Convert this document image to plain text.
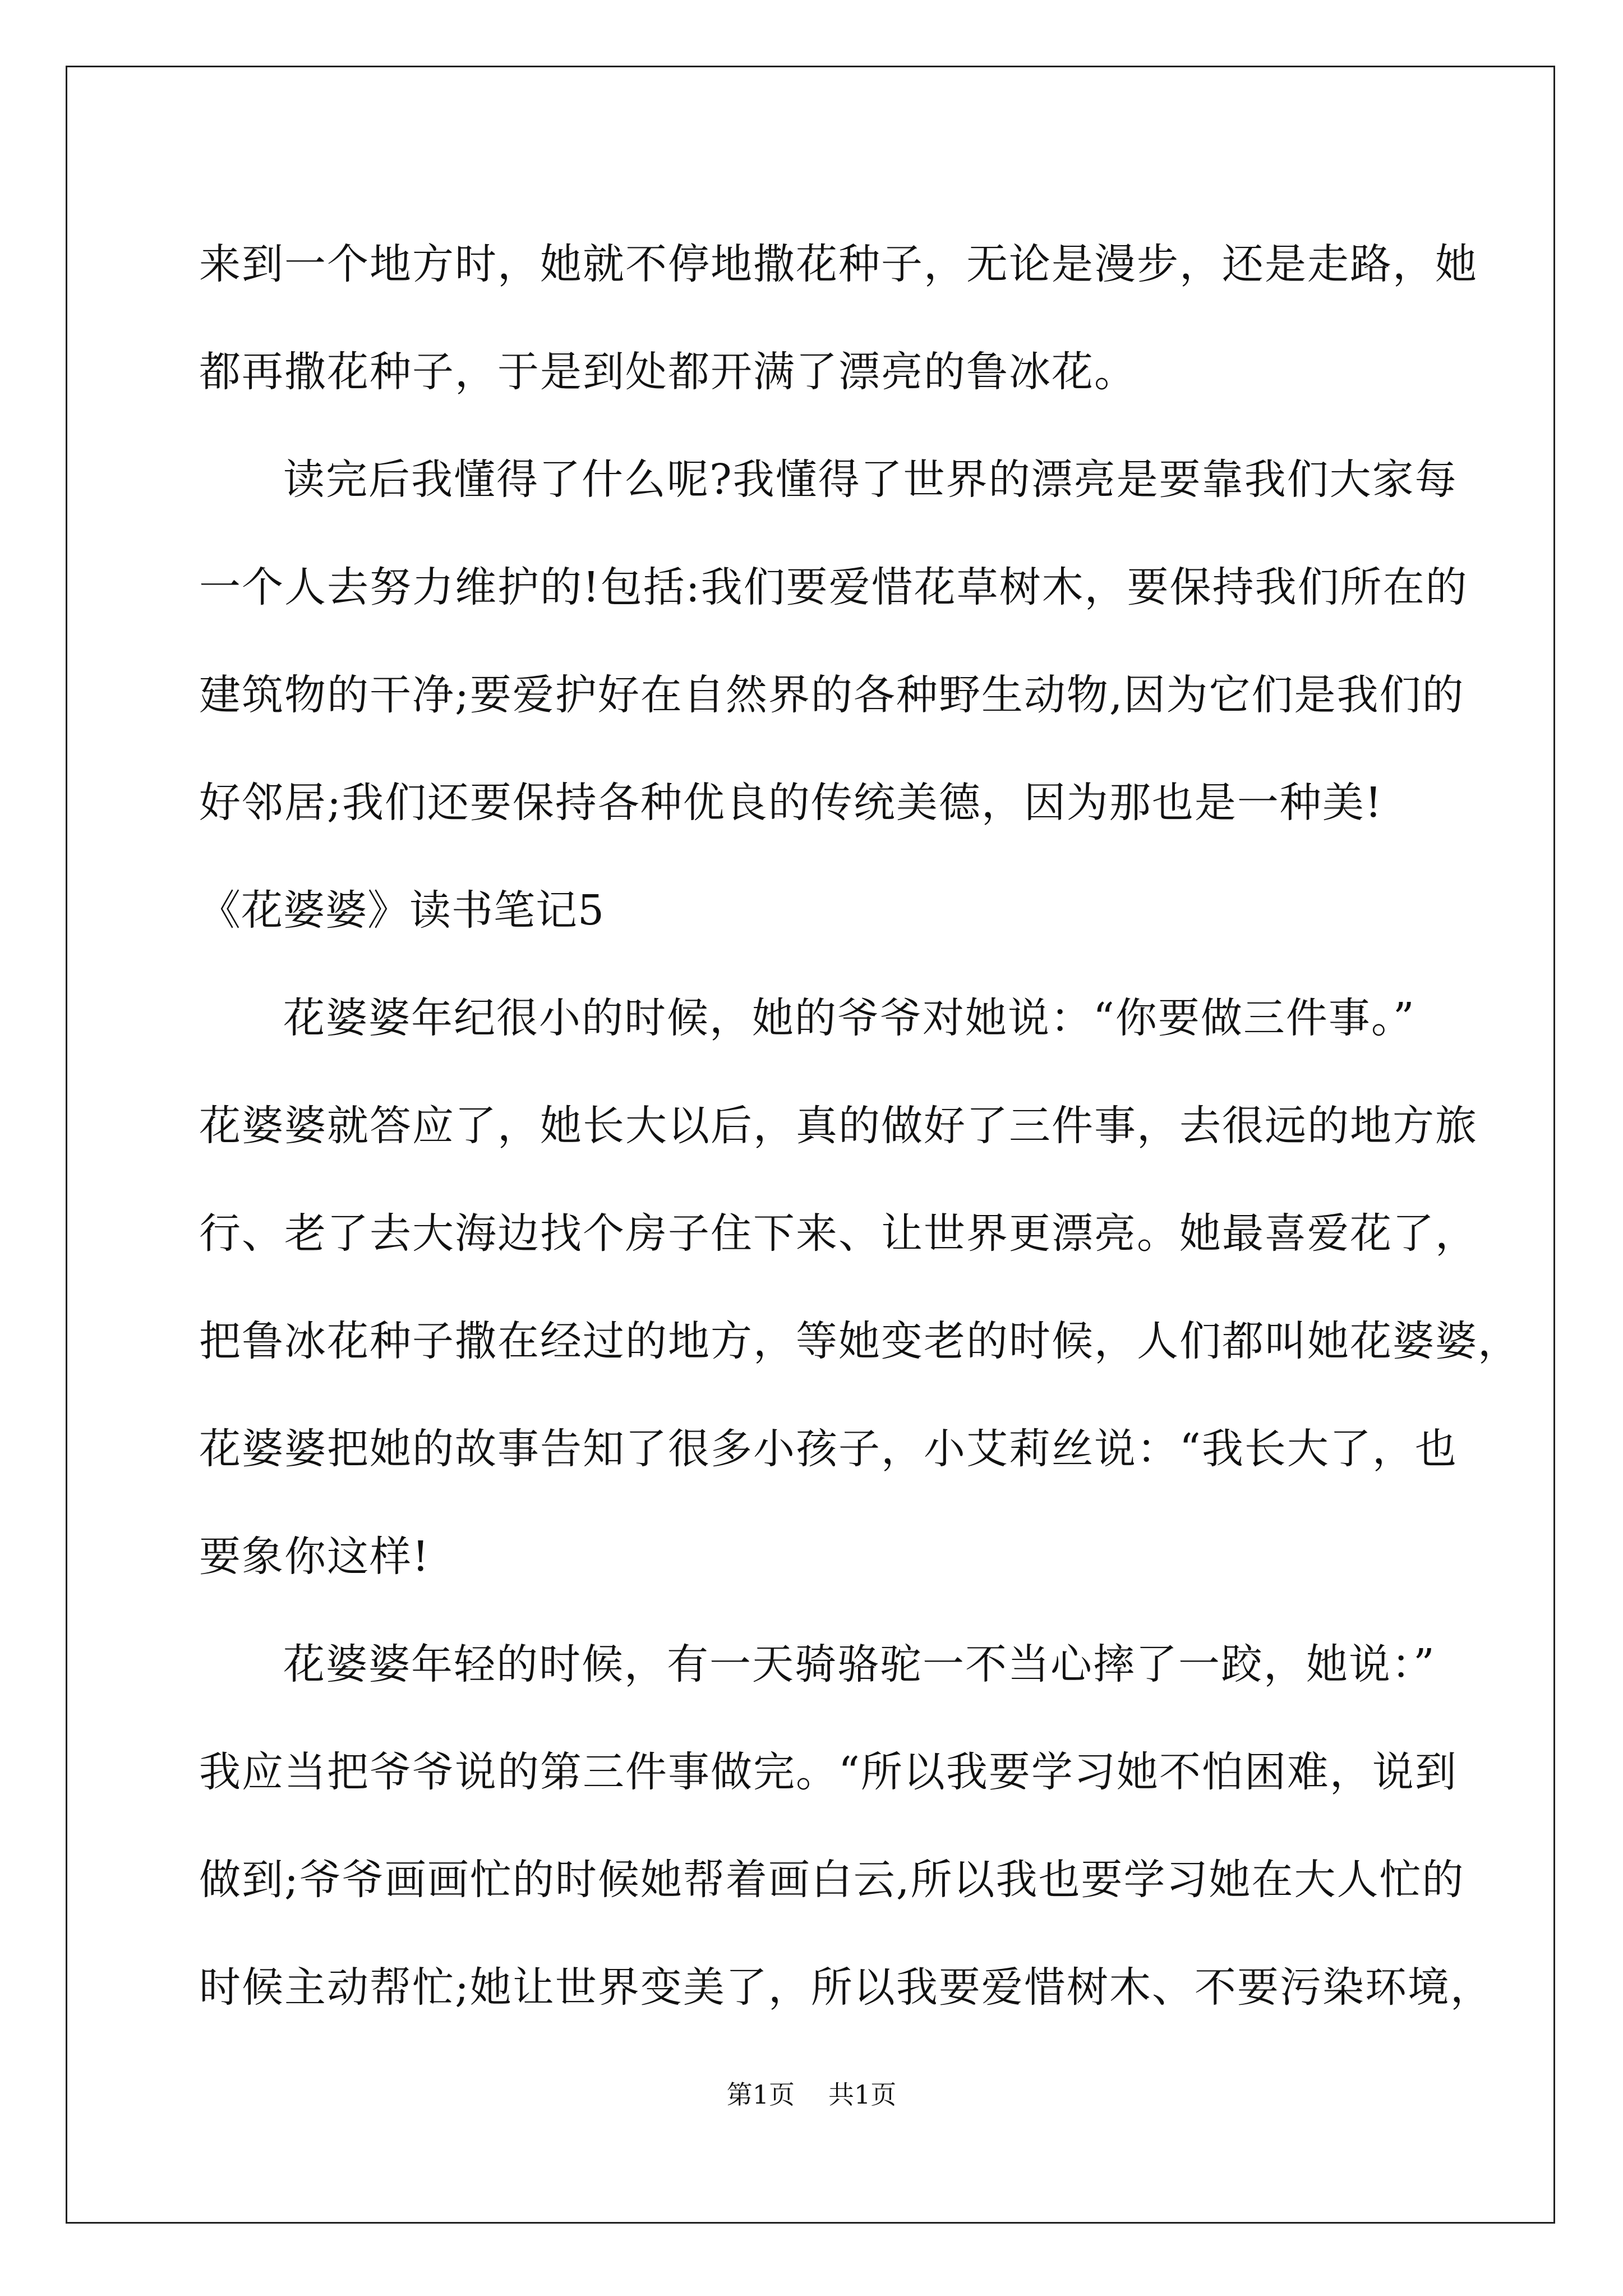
来到一个地方时，她就不停地撒花种子，无论是漫步，还是走路，她
都再撒花种子，于是到处都开满了漂亮的鲁冰花。
读完后我懂得了什么呢?我懂得了世界的漂亮是要靠我们大家每
一个人去努力维护的!包括:我们要爱惜花草树木，要保持我们所在的
建筑物的干净;要爱护好在自然界的各种野生动物,因为它们是我们的
好邻居;我们还要保持各种优良的传统美德，因为那也是一种美!
《花婆婆》读书笔记5
花婆婆年纪很小的时候，她的爷爷对她说：“你要做三件事。”
花婆婆就答应了，她长大以后，真的做好了三件事，去很远的地方旅
行、老了去大海边找个房子住下来、让世界更漂亮。她最喜爱花了，
把鲁冰花种子撒在经过的地方，等她变老的时候，人们都叫她花婆婆，
花婆婆把她的故事告知了很多小孩子，小艾莉丝说：“我长大了，也
要象你这样!
花婆婆年轻的时候，有一天骑骆驼一不当心摔了一跤，她说：”
我应当把爷爷说的第三件事做完。“所以我要学习她不怕困难，说到
做到;爷爷画画忙的时候她帮着画白云,所以我也要学习她在大人忙的
时候主动帮忙;她让世界变美了，所以我要爱惜树木、不要污染环境，
第1页 共1页
